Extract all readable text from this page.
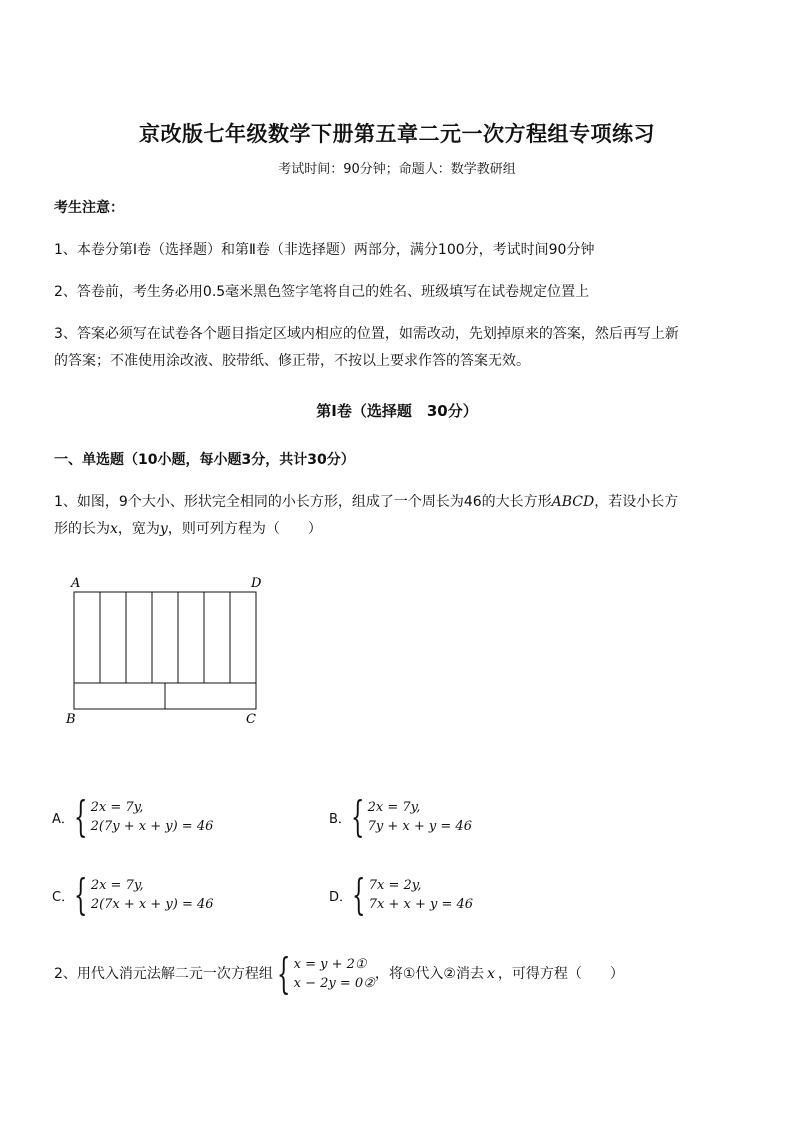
京改版七年级数学下册第五章二元一次方程组专项练习
考试时间：90分钟；命题人：数学教研组
考生注意：
1、本卷分第Ⅰ卷（选择题）和第Ⅱ卷（非选择题）两部分，满分100分，考试时间90分钟
2、答卷前，考生务必用0.5毫米黑色签字笔将自己的姓名、班级填写在试卷规定位置上
3、答案必须写在试卷各个题目指定区域内相应的位置，如需改动，先划掉原来的答案，然后再写上新
的答案；不准使用涂改液、胶带纸、修正带，不按以上要求作答的答案无效。
第Ⅰ卷（选择题　30分）
一、单选题（10小题，每小题3分，共计30分）
1、如图，9个大小、形状完全相同的小长方形，组成了一个周长为46的大长方形ABCD，若设小长方
形的长为x，宽为y，则可列方程为（　　）
A	D
B	C
A． { 2x = 7y,
2(7y + x + y) = 46	B． { 2x = 7y,
7y + x + y = 46
C． { 2x = 7y,
2(7x + x + y) = 46	D． { 7x = 2y,
7x + x + y = 46
2、用代入消元法解二元一次方程组 { x = y + 2①
x − 2y = 0②
，将①代入②消去 x ，可得方程（　　）
